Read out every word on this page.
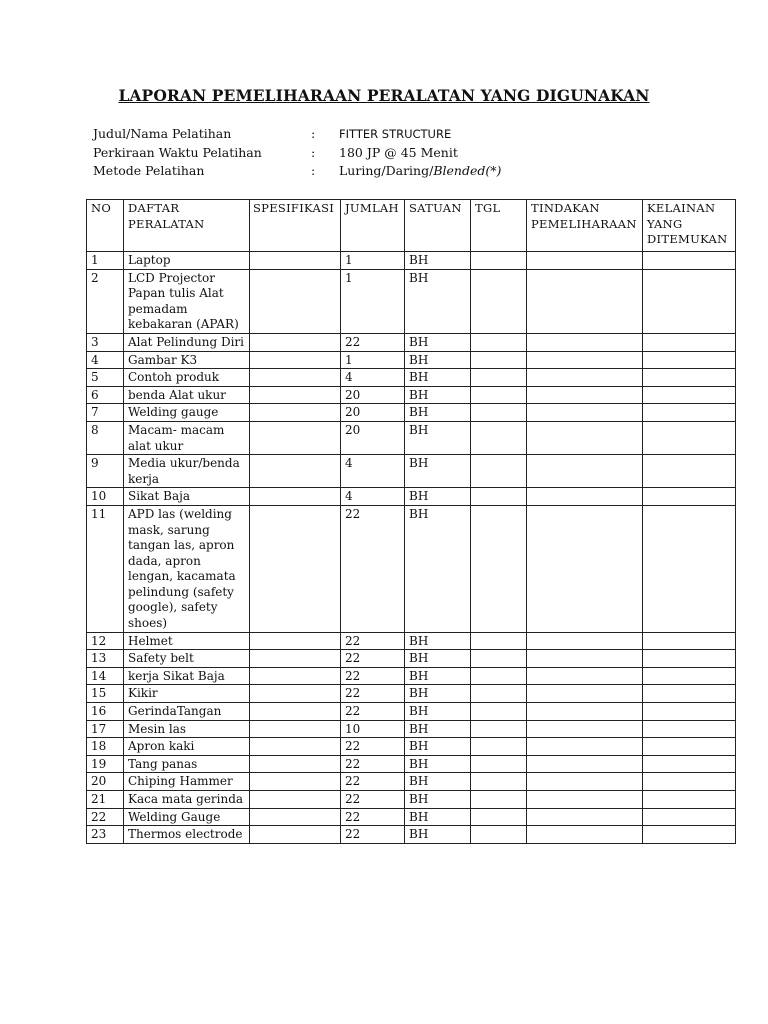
LAPORAN PEMELIHARAAN PERALATAN YANG DIGUNAKAN
Judul/Nama Pelatihan	: FITTER STRUCTURE
Perkiraan Waktu Pelatihan	: 180 JP @ 45 Menit
Metode Pelatihan	: Luring/Daring/Blended(*)
NO	DAFTAR PERALATAN	SPESIFIKASI	JUMLAH	SATUAN	TGL	TINDAKAN PEMELIHARAAN	KELAINAN YANG DITEMUKAN
1	Laptop		1	BH			
2	LCD Projector Papan tulis Alat pemadam kebakaran (APAR)		1	BH			
3	Alat Pelindung Diri		22	BH			
4	Gambar K3		1	BH			
5	Contoh produk		4	BH			
6	benda Alat ukur		20	BH			
7	Welding gauge		20	BH			
8	Macam- macam alat ukur		20	BH			
9	Media ukur/benda kerja		4	BH			
10	Sikat Baja		4	BH			
11	APD las (welding mask, sarung tangan las, apron dada, apron lengan, kacamata pelindung (safety google), safety shoes)		22	BH			
12	Helmet		22	BH			
13	Safety belt		22	BH			
14	kerja Sikat Baja		22	BH			
15	Kikir		22	BH			
16	GerindaTangan		22	BH			
17	Mesin las		10	BH			
18	Apron kaki		22	BH			
19	Tang panas		22	BH			
20	Chiping Hammer		22	BH			
21	Kaca mata gerinda		22	BH			
22	Welding Gauge		22	BH			
23	Thermos electrode		22	BH			
